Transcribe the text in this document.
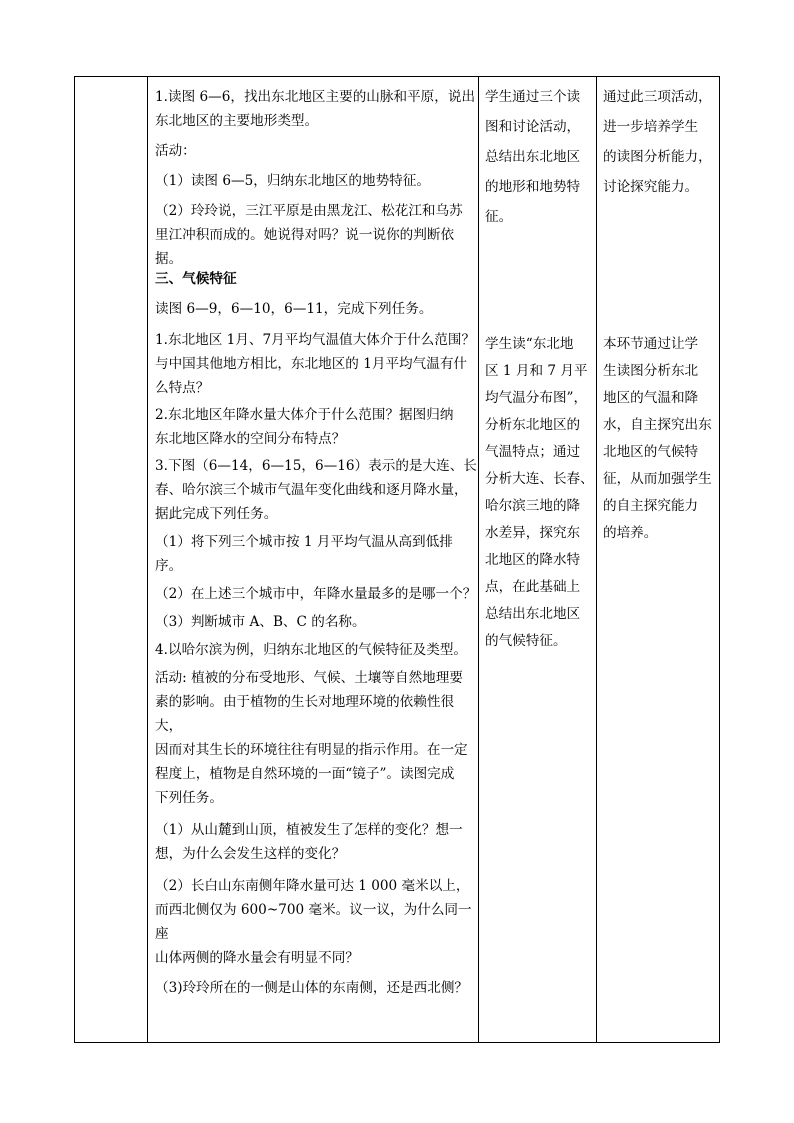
1.读图 6—6，找出东北地区主要的山脉和平原，说出

东北地区的主要地形类型。

活动：

（1）读图 6—5，归纳东北地区的地势特征。

（2）玲玲说，三江平原是由黑龙江、松花江和乌苏

里江冲积而成的。她说得对吗？说一说你的判断依据。

三、气候特征

读图 6—9，6—10，6—11，完成下列任务。

1.东北地区 1月、7月平均气温值大体介于什么范围？

与中国其他地方相比，东北地区的 1月平均气温有什

么特点？

2.东北地区年降水量大体介于什么范围？据图归纳

东北地区降水的空间分布特点？

3.下图（6—14，6—15，6—16）表示的是大连、长

春、哈尔滨三个城市气温年变化曲线和逐月降水量，

据此完成下列任务。

（1）将下列三个城市按 1 月平均气温从高到低排序。

（2）在上述三个城市中，年降水量最多的是哪一个？

（3）判断城市 A、B、C 的名称。

4.以哈尔滨为例，归纳东北地区的气候特征及类型。

活动: 植被的分布受地形、气候、土壤等自然地理要

素的影响。由于植物的生长对地理环境的依赖性很大，

因而对其生长的环境往往有明显的指示作用。在一定

程度上，植物是自然环境的一面“镜子”。读图完成

下列任务。

（1）从山麓到山顶，植被发生了怎样的变化？想一

想，为什么会发生这样的变化？

（2）长白山东南侧年降水量可达 1 000 毫米以上，

而西北侧仅为 600~700 毫米。议一议，为什么同一座

山体两侧的降水量会有明显不同？

（3)玲玲所在的一侧是山体的东南侧，还是西北侧？

学生通过三个读

图和讨论活动，

总结出东北地区

的地形和地势特

征。

学生读“东北地

区 1 月和 7 月平

均气温分布图”，

分析东北地区的

气温特点；通过

分析大连、长春、

哈尔滨三地的降

水差异，探究东

北地区的降水特

点，在此基础上

总结出东北地区

的气候特征。

通过此三项活动，

进一步培养学生

的读图分析能力，

讨论探究能力。

本环节通过让学

生读图分析东北

地区的气温和降

水，自主探究出东

北地区的气候特

征，从而加强学生

的自主探究能力

的培养。
